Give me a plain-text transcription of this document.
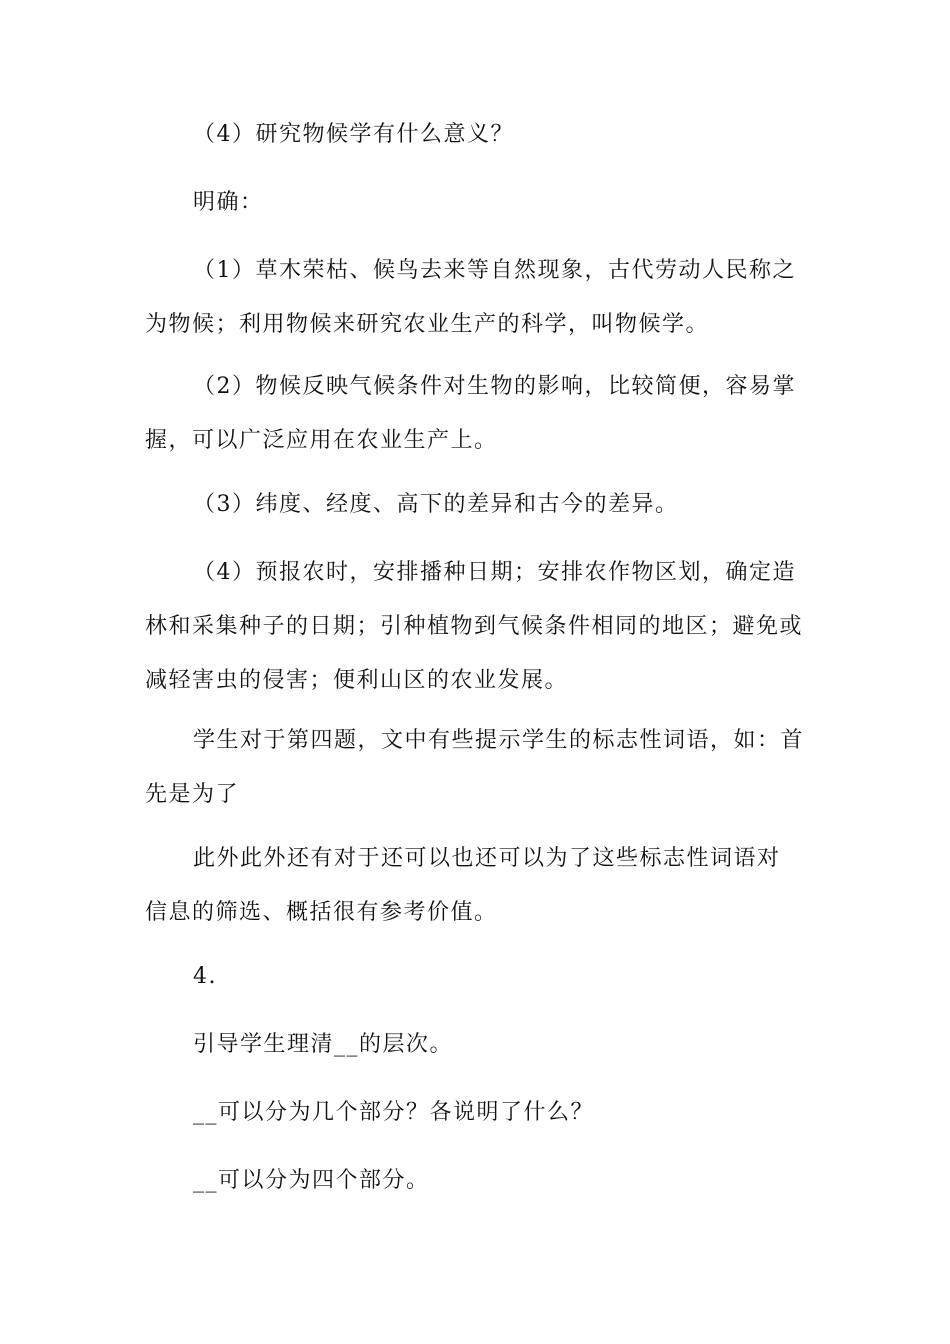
（4）研究物候学有什么意义？
明确：
（1）草木荣枯、候鸟去来等自然现象，古代劳动人民称之
为物候；利用物候来研究农业生产的科学，叫物候学。
（2）物候反映气候条件对生物的影响，比较简便，容易掌
握，可以广泛应用在农业生产上。
（3）纬度、经度、高下的差异和古今的差异。
（4）预报农时，安排播种日期；安排农作物区划，确定造
林和采集种子的日期；引种植物到气候条件相同的地区；避免或
减轻害虫的侵害；便利山区的农业发展。
学生对于第四题，文中有些提示学生的标志性词语，如：首
先是为了
此外此外还有对于还可以也还可以为了这些标志性词语对
信息的筛选、概括很有参考价值。
4.
引导学生理清__的层次。
__可以分为几个部分？各说明了什么？
__可以分为四个部分。
